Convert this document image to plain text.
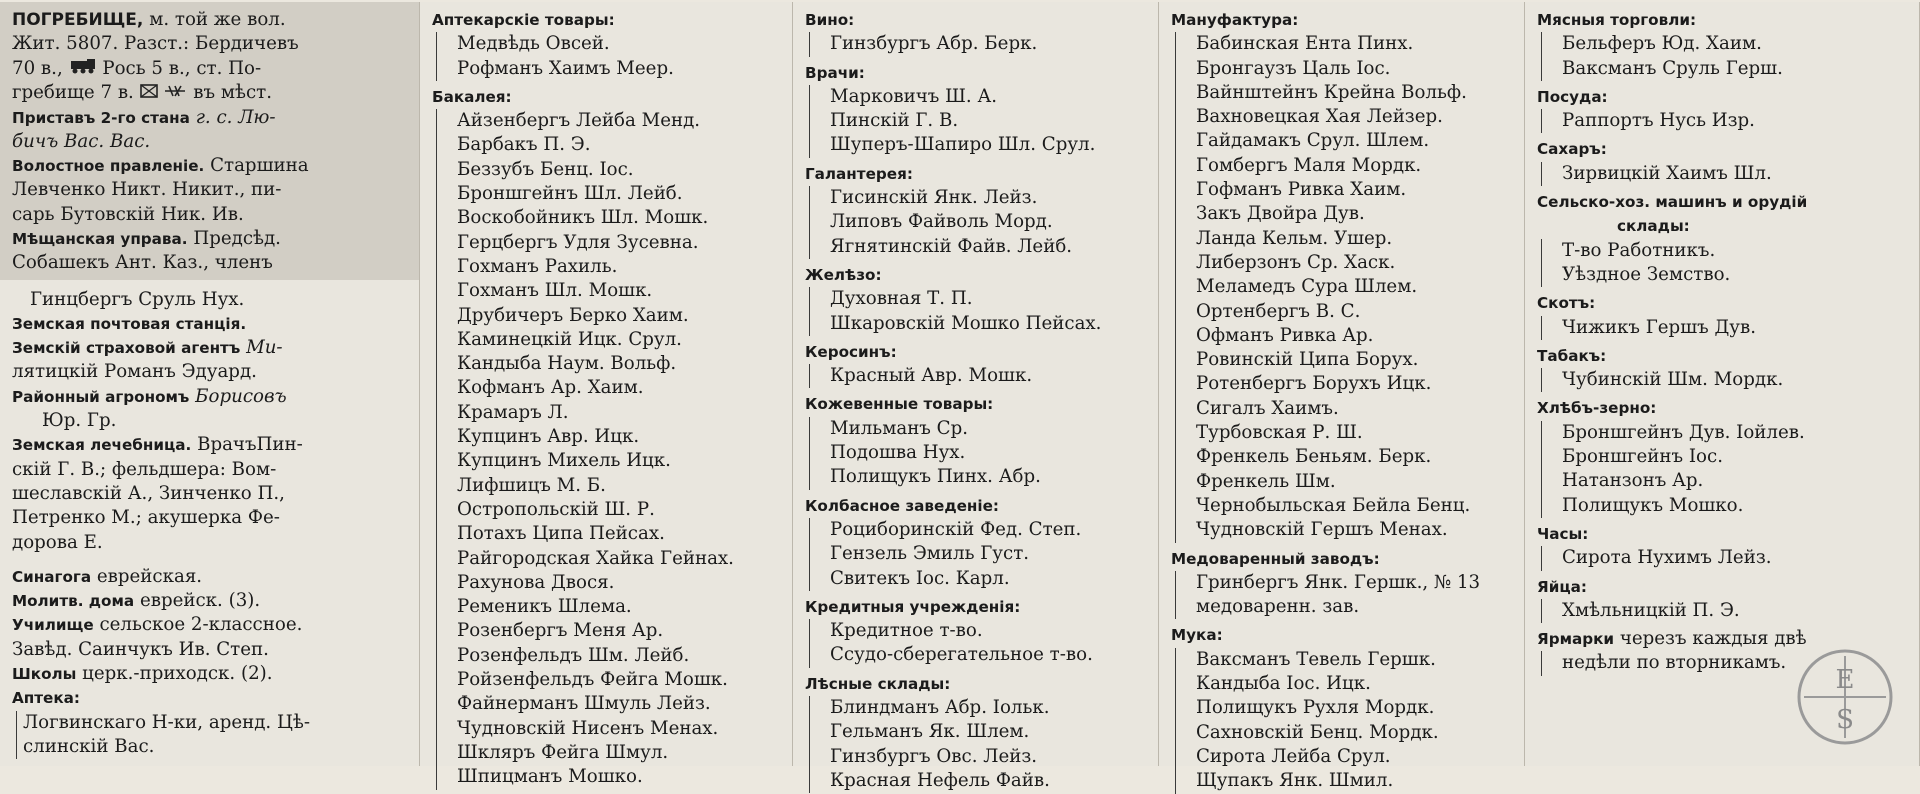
ПОГРЕБИЩЕ, м. той же вол.
Жит. 5807. Разст.: Бердичевъ
70 в., Рось 5 в., ст. По-
гребище 7 в.	въ мѣст.
Приставъ 2-го стана г. с. Лю-
бичъ Вас. Вас.
Волостное правленіе. Старшина
Левченко Никт. Никит., пи-
сарь Бутовскій Ник. Ив.
Мѣщанская управа. Предсѣд.
Собашекъ Ант. Каз., членъ
Гинцбергъ Сруль Нух.
Земская почтовая станція.
Земскій страховой агентъ Ми-
лятицкій Романъ Эдуард.
Районный агрономъ Борисовъ
Юр. Гр.
Земская лечебница. ВрачъПин-
скій Г. В.; фельдшера: Вом-
шеславскій А., Зинченко П.,
Петренко М.; акушерка Фе-
дорова Е.
Синагога еврейская.
Молитв. дома еврейск. (3).
Училище сельское 2-классное.
Завѣд. Саинчукъ Ив. Степ.
Школы церк.-приходск. (2).
Аптека:
Логвинскаго Н-ки, аренд. Цѣ-
слинскій Вас.
Аптекарскіе товары:
Медвѣдь Овсей.
Рофманъ Хаимъ Меер.
Бакалея:
Айзенбергъ Лейба Менд.
Барбакъ П. Э.
Беззубъ Бенц. Іос.
Броншгейнъ Шл. Лейб.
Воскобойникъ Шл. Мошк.
Герцбергъ Удля Зусевна.
Гохманъ Рахиль.
Гохманъ Шл. Мошк.
Друбичеръ Берко Хаим.
Каминецкій Ицк. Срул.
Кандыба Наум. Вольф.
Кофманъ Ар. Хаим.
Крамаръ Л.
Купцинъ Авр. Ицк.
Купцинъ Михель Ицк.
Лифшицъ М. Б.
Остропольскій Ш. Р.
Потахъ Ципа Пейсах.
Райгородская Хайка Гейнах.
Рахунова Двося.
Ременикъ Шлема.
Розенбергъ Меня Ар.
Розенфельдъ Шм. Лейб.
Ройзенфельдъ Фейга Мошк.
Файнерманъ Шмуль Лейз.
Чудновскій Нисенъ Менах.
Шкляръ Фейга Шмул.
Шпицманъ Мошко.
Вино:
Гинзбургъ Абр. Берк.
Врачи:
Марковичъ Ш. А.
Пинскій Г. В.
Шуперъ-Шапиро Шл. Срул.
Галантерея:
Гисинскій Янк. Лейз.
Липовъ Файволь Морд.
Ягнятинскій Файв. Лейб.
Желѣзо:
Духовная Т. П.
Шкаровскій Мошко Пейсах.
Керосинъ:
Красный Авр. Мошк.
Кожевенные товары:
Мильманъ Ср.
Подошва Нух.
Полищукъ Пинх. Абр.
Колбасное заведеніе:
Роциборинскій Фед. Степ.
Гензель Эмиль Густ.
Свитекъ Іос. Карл.
Кредитныя учрежденія:
Кредитное т-во.
Ссудо-сберегательное т-во.
Лѣсные склады:
Блиндманъ Абр. Іольк.
Гельманъ Як. Шлем.
Гинзбургъ Овс. Лейз.
Красная Нефель Файв.
Мануфактура:
Бабинская Ента Пинх.
Бронгаузъ Цаль Іос.
Вайнштейнъ Крейна Вольф.
Вахновецкая Хая Лейзер.
Гайдамакъ Срул. Шлем.
Гомбергъ Маля Мордк.
Гофманъ Ривка Хаим.
Закъ Двойра Дув.
Ланда Кельм. Ушер.
Либерзонъ Ср. Хаск.
Меламедъ Сура Шлем.
Ортенбергъ В. С.
Офманъ Ривка Ар.
Ровинскій Ципа Борух.
Ротенбергъ Борухъ Ицк.
Сигалъ Хаимъ.
Турбовская Р. Ш.
Френкель Беньям. Берк.
Френкель Шм.
Чернобыльская Бейла Бенц.
Чудновскій Гершъ Менах.
Медоваренный заводъ:
Гринбергъ Янк. Гершк., № 13
медоваренн. зав.
Мука:
Ваксманъ Тевель Гершк.
Кандыба Іос. Ицк.
Полищукъ Рухля Мордк.
Сахновскій Бенц. Мордк.
Сирота Лейба Срул.
Щупакъ Янк. Шмил.
Мясныя торговли:
Бельферъ Юд. Хаим.
Ваксманъ Сруль Герш.
Посуда:
Раппортъ Нусь Изр.
Сахаръ:
Зирвицкій Хаимъ Шл.
Сельско-хоз. машинъ и орудій
склады:
Т-во Работникъ.
Уѣздное Земство.
Скотъ:
Чижикъ Гершъ Дув.
Табакъ:
Чубинскій Шм. Мордк.
Хлѣбъ-зерно:
Броншгейнъ Дув. Іойлев.
Броншгейнъ Іос.
Натанзонъ Ар.
Полищукъ Мошко.
Часы:
Сирота Нухимъ Лейз.
Яйца:
Хмѣльницкій П. Э.
Ярмарки черезъ каждыя двѣ
недѣли по вторникамъ.
E
S
